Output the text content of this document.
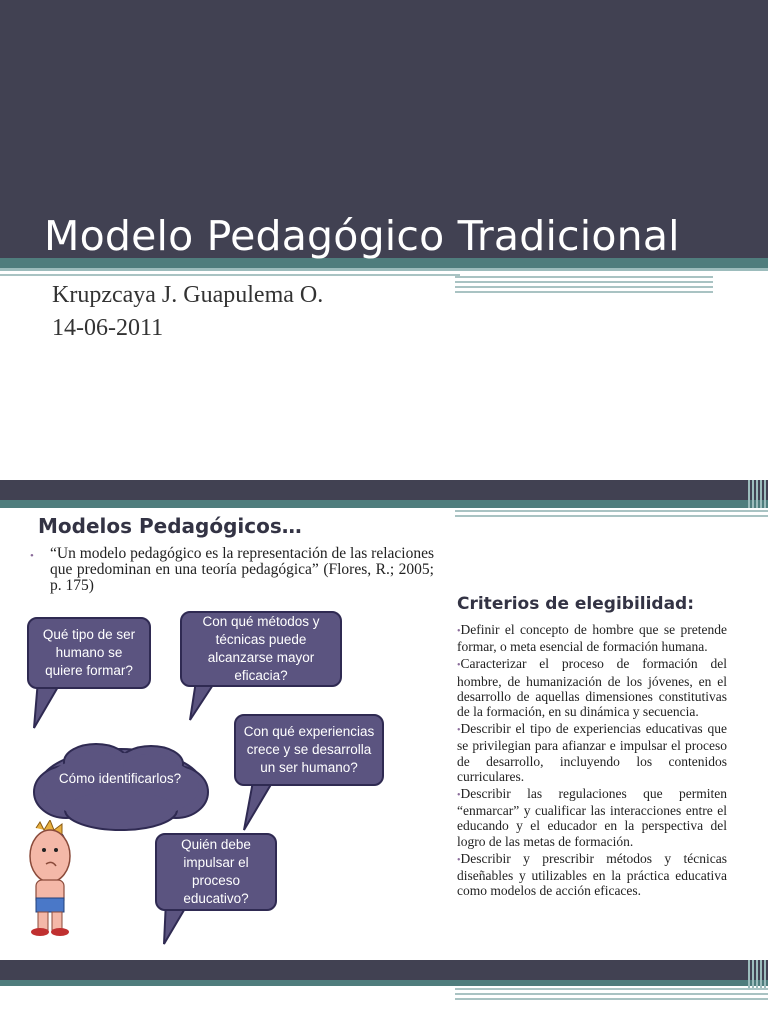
Modelo Pedagógico Tradicional
Krupzcaya J. Guapulema O.
14-06-2011
Modelos Pedagógicos…
• “Un modelo pedagógico es la representación de las relaciones que predominan en una teoría pedagógica” (Flores, R.; 2005; p. 175)
Qué tipo de ser humano se quiere formar?
Con qué métodos y técnicas puede alcanzarse mayor eficacia?
Con qué experiencias crece y se desarrolla un ser humano?
Cómo identificarlos?
Quién debe impulsar el proceso educativo?
Criterios de elegibilidad:
•Definir el concepto de hombre que se pretende formar, o meta esencial de formación humana.
•Caracterizar el proceso de formación del hombre, de humanización de los jóvenes, en el desarrollo de aquellas dimensiones constitutivas de la formación, en su dinámica y secuencia.
•Describir el tipo de experiencias educativas que se privilegian para afianzar e impulsar el proceso de desarrollo, incluyendo los contenidos curriculares.
•Describir las regulaciones que permiten “enmarcar” y cualificar las interacciones entre el educando y el educador en la perspectiva del logro de las metas de formación.
•Describir y prescribir métodos y técnicas diseñables y utilizables en la práctica educativa como modelos de acción eficaces.
